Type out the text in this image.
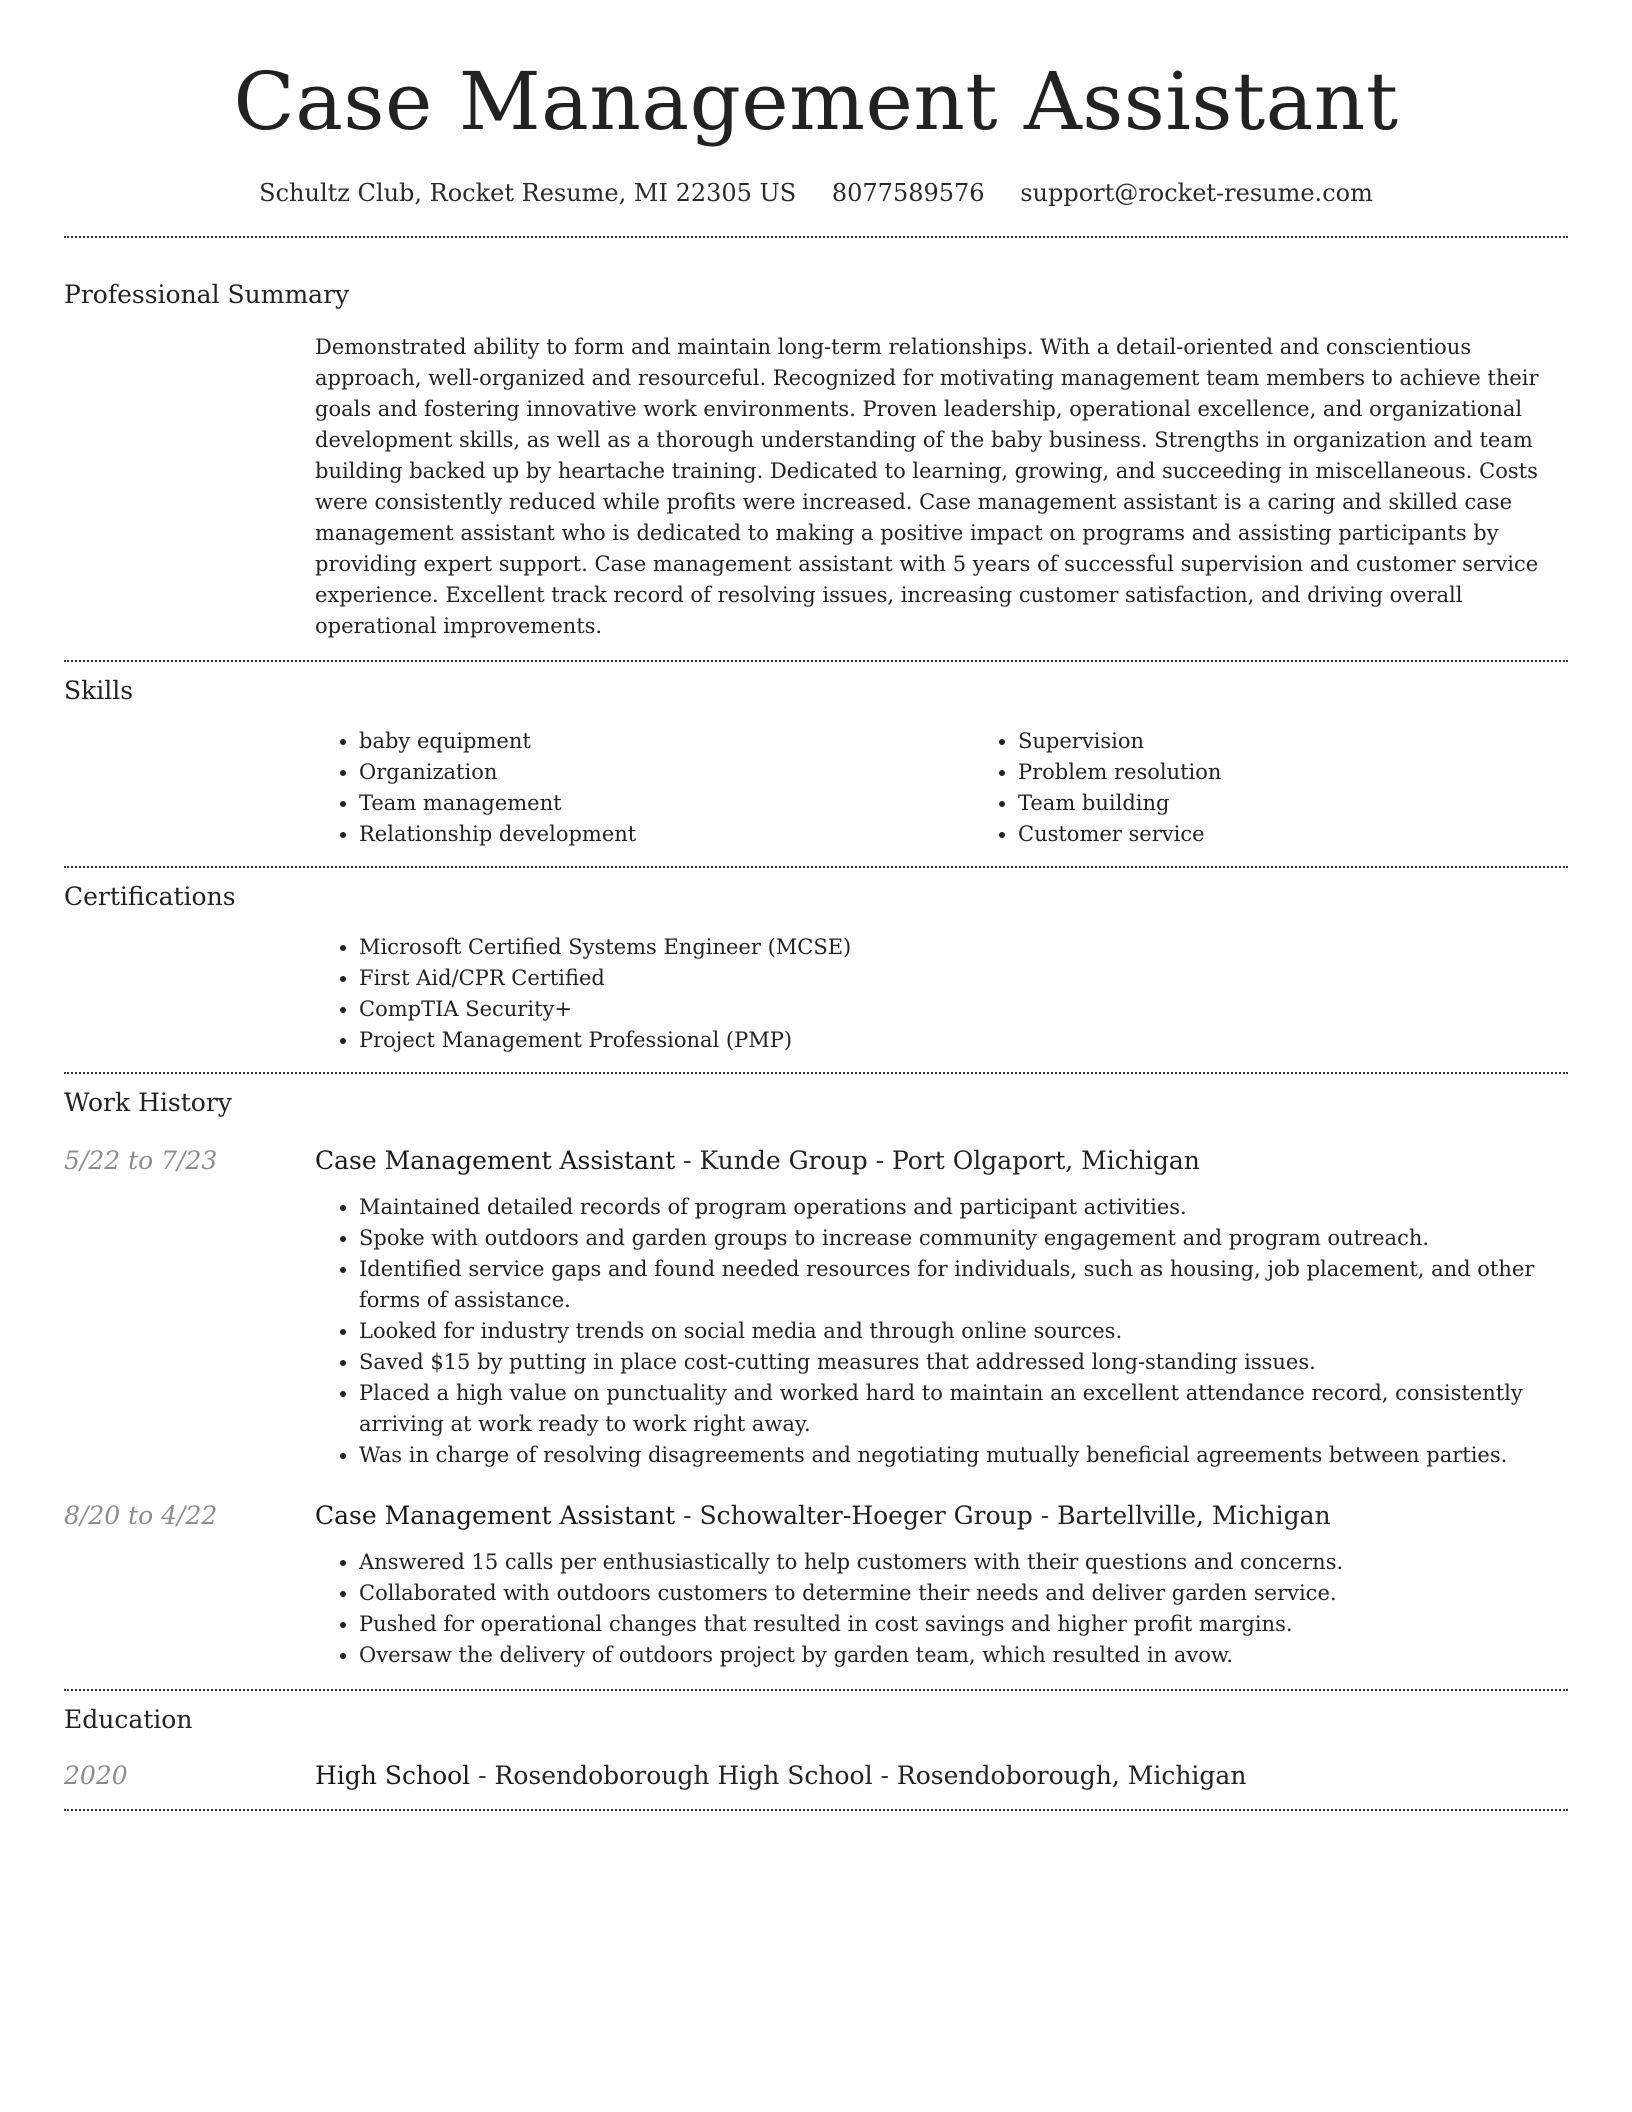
Case Management Assistant
Schultz Club, Rocket Resume, MI 22305 US 8077589576 support@rocket-resume.com
Professional Summary
Demonstrated ability to form and maintain long-term relationships. With a detail-oriented and conscientious approach, well-organized and resourceful. Recognized for motivating management team members to achieve their goals and fostering innovative work environments. Proven leadership, operational excellence, and organizational development skills, as well as a thorough understanding of the baby business. Strengths in organization and team building backed up by heartache training. Dedicated to learning, growing, and succeeding in miscellaneous. Costs were consistently reduced while profits were increased. Case management assistant is a caring and skilled case management assistant who is dedicated to making a positive impact on programs and assisting participants by providing expert support. Case management assistant with 5 years of successful supervision and customer service experience. Excellent track record of resolving issues, increasing customer satisfaction, and driving overall operational improvements.
Skills
• baby equipment
• Organization
• Team management
• Relationship development
• Supervision
• Problem resolution
• Team building
• Customer service
Certifications
• Microsoft Certified Systems Engineer (MCSE)
• First Aid/CPR Certified
• CompTIA Security+
• Project Management Professional (PMP)
Work History
5/22 to 7/23	Case Management Assistant - Kunde Group - Port Olgaport, Michigan
• Maintained detailed records of program operations and participant activities.
• Spoke with outdoors and garden groups to increase community engagement and program outreach.
• Identified service gaps and found needed resources for individuals, such as housing, job placement, and other forms of assistance.
• Looked for industry trends on social media and through online sources.
• Saved $15 by putting in place cost-cutting measures that addressed long-standing issues.
• Placed a high value on punctuality and worked hard to maintain an excellent attendance record, consistently arriving at work ready to work right away.
• Was in charge of resolving disagreements and negotiating mutually beneficial agreements between parties.
8/20 to 4/22	Case Management Assistant - Schowalter-Hoeger Group - Bartellville, Michigan
• Answered 15 calls per enthusiastically to help customers with their questions and concerns.
• Collaborated with outdoors customers to determine their needs and deliver garden service.
• Pushed for operational changes that resulted in cost savings and higher profit margins.
• Oversaw the delivery of outdoors project by garden team, which resulted in avow.
Education
2020	High School - Rosendoborough High School - Rosendoborough, Michigan
